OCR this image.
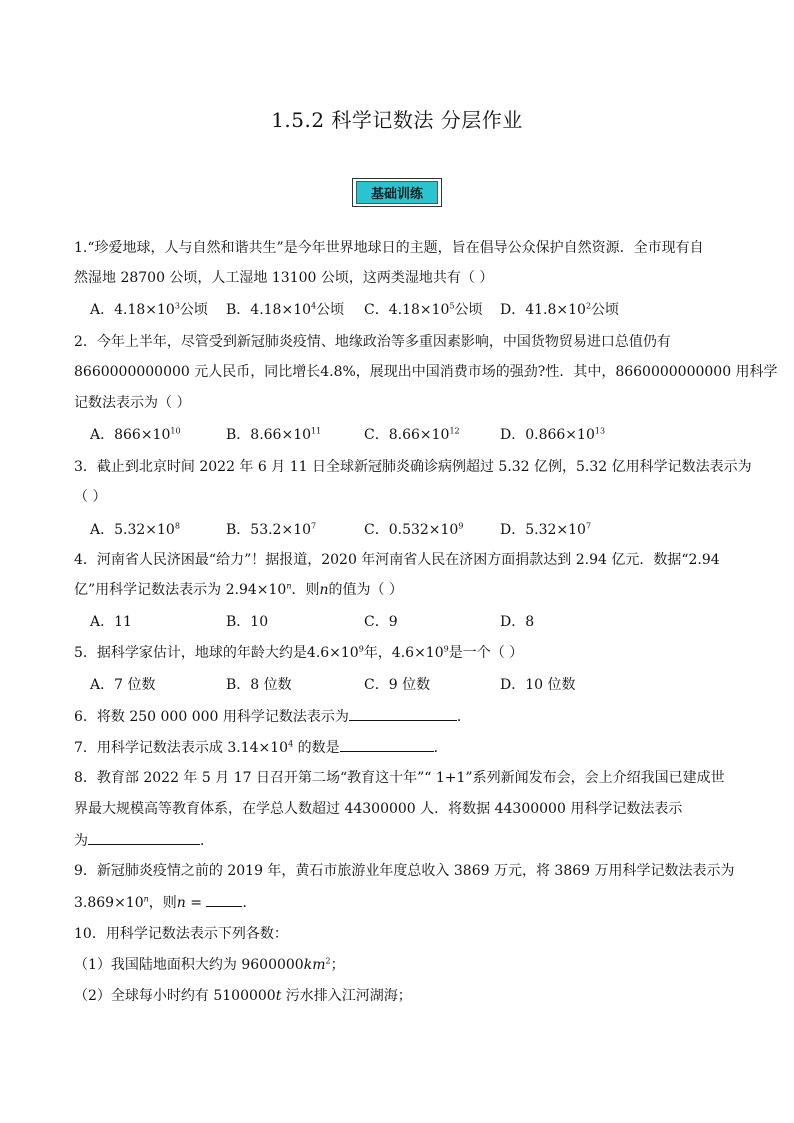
1.5.2 科学记数法 分层作业
基础训练
1.“珍爱地球，人与自然和谐共生”是今年世界地球日的主题，旨在倡导公众保护自然资源．全市现有自
然湿地 28700 公顷，人工湿地 13100 公顷，这两类湿地共有（ ）
A．$4.18\times 10^3$公顷 B．$4.18\times 10^4$公顷 C．$4.18\times 10^5$公顷 D．$41.8\times 10^2$公顷
2．今年上半年，尽管受到新冠肺炎疫情、地缘政治等多重因素影响，中国货物贸易进口总值仍有
8660000000000 元人民币，同比增长4.8%，展现出中国消费市场的强劲?性．其中，8660000000000 用科学
记数法表示为（ ）
A．$866\times 10^{10}$	B．$8.66\times 10^{11}$	C．$8.66\times 10^{12}$	D．$0.866\times 10^{13}$
3．截止到北京时间 2022 年 6 月 11 日全球新冠肺炎确诊病例超过 5.32 亿例，5.32 亿用科学记数法表示为
（ ）
A．$5.32\times 10^8$	B．$53.2\times 10^7$	C．$0.532\times 10^9$	D．$5.32\times 10^7$
4．河南省人民济困最“给力”！据报道，2020 年河南省人民在济困方面捐款达到 2.94 亿元．数据“2.94
亿”用科学记数法表示为 $2.94\times 10^n$．则n的值为（ ）
A．11	B．10	C．9	D．8
5．据科学家估计，地球的年龄大约是$4.6\times 10^9$年，$4.6\times 10^9$是一个（ ）
A．7 位数	B．8 位数	C．9 位数	D．10 位数
6．将数 250 000 000 用科学记数法表示为	．
7．用科学记数法表示成 $3.14\times 10^4$ 的数是	．
8．教育部 2022 年 5 月 17 日召开第二场“教育这十年”“ 1+1”系列新闻发布会，会上介绍我国已建成世
界最大规模高等教育体系，在学总人数超过 44300000 人．将数据 44300000 用科学记数法表示
为	．
9．新冠肺炎疫情之前的 2019 年，黄石市旅游业年度总收入 3869 万元，将 3869 万用科学记数法表示为
$3.869\times 10^n$，则n =	．
10．用科学记数法表示下列各数：
（1）我国陆地面积大约为 $9600000km^2$；
（2）全球每小时约有 5100000t 污水排入江河湖海；
